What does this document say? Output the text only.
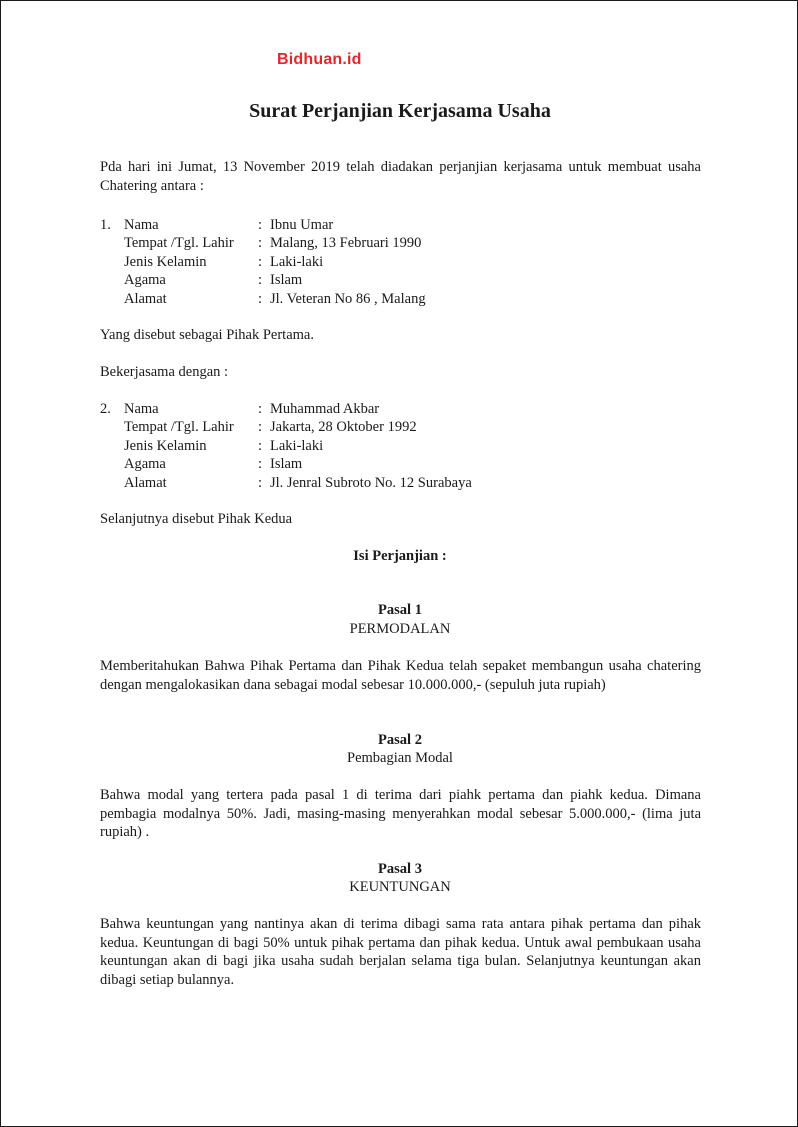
Bidhuan.id
Surat Perjanjian Kerjasama Usaha
Pda hari ini Jumat, 13 November 2019 telah diadakan perjanjian kerjasama untuk membuat usaha Chatering antara :
1. Nama	: Ibnu Umar
Tempat /Tgl. Lahir : Malang, 13 Februari 1990
Jenis Kelamin	: Laki-laki
Agama	: Islam
Alamat	: Jl. Veteran No 86 , Malang
Yang disebut sebagai Pihak Pertama.
Bekerjasama dengan :
2. Nama	: Muhammad Akbar
Tempat /Tgl. Lahir : Jakarta, 28 Oktober 1992
Jenis Kelamin	: Laki-laki
Agama	: Islam
Alamat	: Jl. Jenral Subroto No. 12 Surabaya
Selanjutnya disebut Pihak Kedua
Isi Perjanjian :
Pasal 1
PERMODALAN
Memberitahukan Bahwa Pihak Pertama dan Pihak Kedua telah sepaket membangun usaha chatering dengan mengalokasikan dana sebagai modal sebesar 10.000.000,- (sepuluh juta rupiah)
Pasal 2
Pembagian Modal
Bahwa modal yang tertera pada pasal 1 di terima dari piahk pertama dan piahk kedua. Dimana pembagia modalnya 50%. Jadi, masing-masing menyerahkan modal sebesar 5.000.000,- (lima juta rupiah) .
Pasal 3
KEUNTUNGAN
Bahwa keuntungan yang nantinya akan di terima dibagi sama rata antara pihak pertama dan pihak kedua. Keuntungan di bagi 50% untuk pihak pertama dan pihak kedua. Untuk awal pembukaan usaha keuntungan akan di bagi jika usaha sudah berjalan selama tiga bulan. Selanjutnya keuntungan akan dibagi setiap bulannya.
